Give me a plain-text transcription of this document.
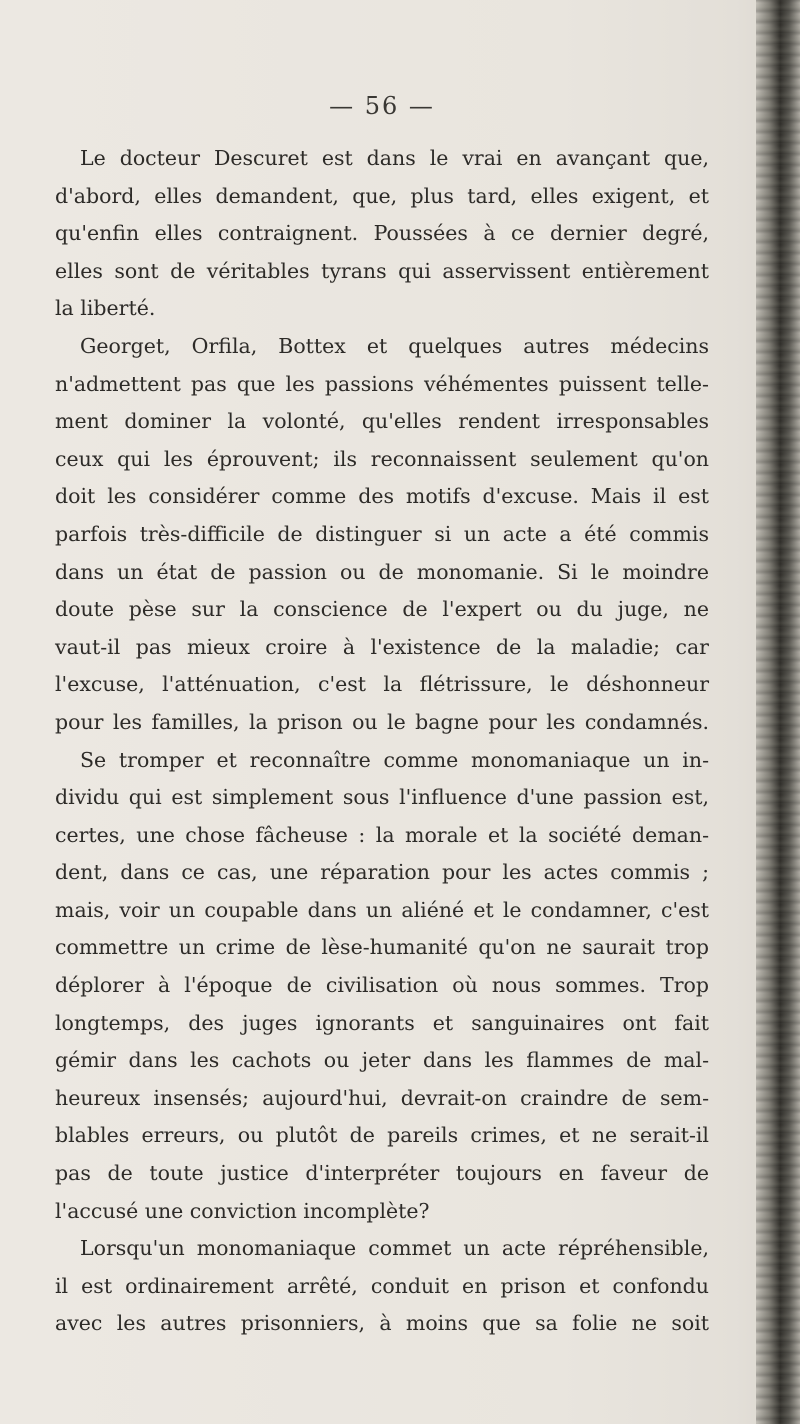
— 56 —
Le docteur Descuret est dans le vrai en avançant que,
d'abord, elles demandent, que, plus tard, elles exigent, et
qu'enfin elles contraignent. Poussées à ce dernier degré,
elles sont de véritables tyrans qui asservissent entièrement
la liberté.
Georget, Orfila, Bottex et quelques autres médecins
n'admettent pas que les passions véhémentes puissent telle-
ment dominer la volonté, qu'elles rendent irresponsables
ceux qui les éprouvent; ils reconnaissent seulement qu'on
doit les considérer comme des motifs d'excuse. Mais il est
parfois très-difficile de distinguer si un acte a été commis
dans un état de passion ou de monomanie. Si le moindre
doute pèse sur la conscience de l'expert ou du juge, ne
vaut-il pas mieux croire à l'existence de la maladie; car
l'excuse, l'atténuation, c'est la flétrissure, le déshonneur
pour les familles, la prison ou le bagne pour les condamnés.
Se tromper et reconnaître comme monomaniaque un in-
dividu qui est simplement sous l'influence d'une passion est,
certes, une chose fâcheuse : la morale et la société deman-
dent, dans ce cas, une réparation pour les actes commis ;
mais, voir un coupable dans un aliéné et le condamner, c'est
commettre un crime de lèse-humanité qu'on ne saurait trop
déplorer à l'époque de civilisation où nous sommes. Trop
longtemps, des juges ignorants et sanguinaires ont fait
gémir dans les cachots ou jeter dans les flammes de mal-
heureux insensés; aujourd'hui, devrait-on craindre de sem-
blables erreurs, ou plutôt de pareils crimes, et ne serait-il
pas de toute justice d'interpréter toujours en faveur de
l'accusé une conviction incomplète?
Lorsqu'un monomaniaque commet un acte répréhensible,
il est ordinairement arrêté, conduit en prison et confondu
avec les autres prisonniers, à moins que sa folie ne soit
